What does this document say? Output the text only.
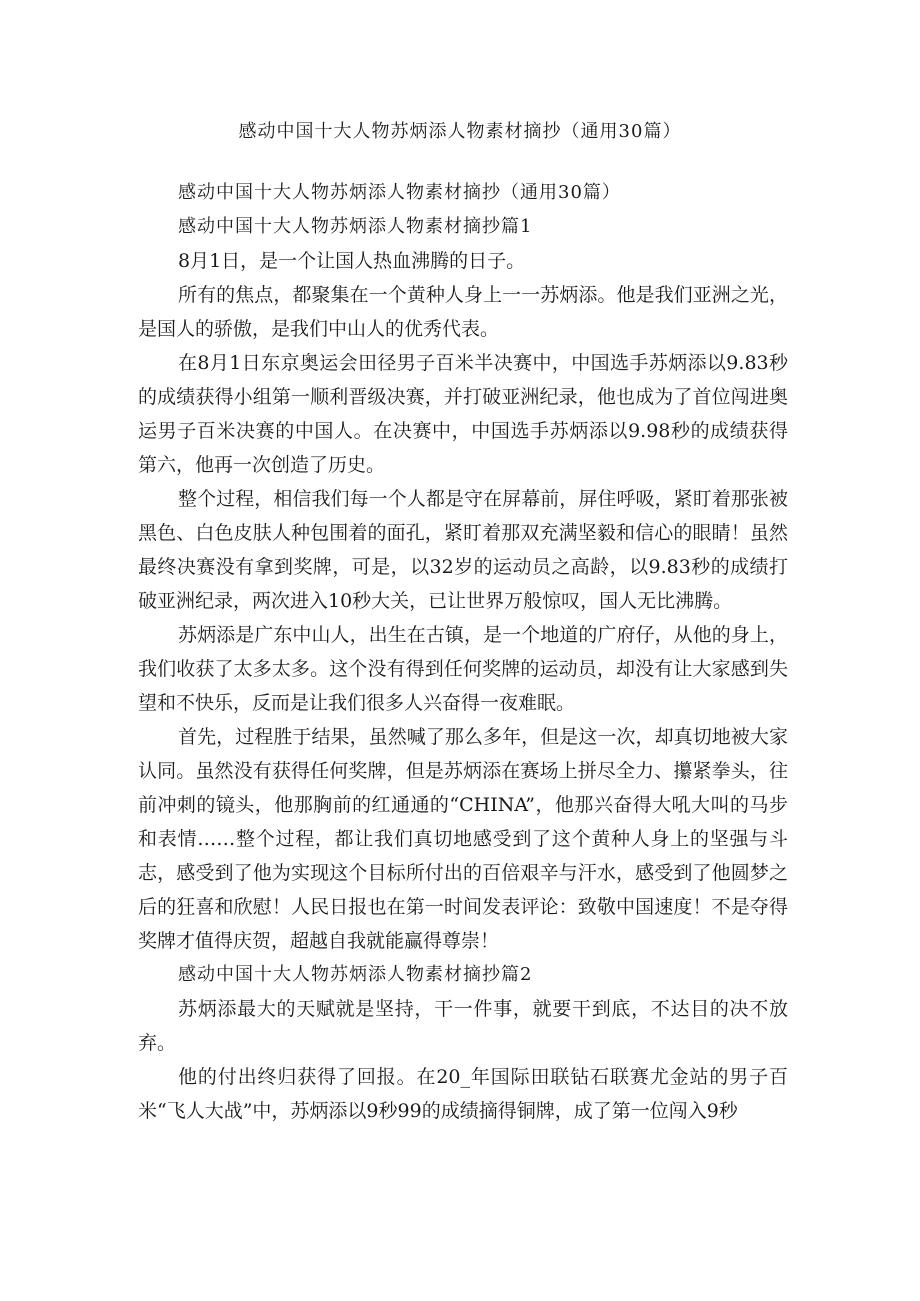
感动中国十大人物苏炳添人物素材摘抄（通用30篇）

感动中国十大人物苏炳添人物素材摘抄（通用30篇）

感动中国十大人物苏炳添人物素材摘抄篇1

8月1日，是一个让国人热血沸腾的日子。

所有的焦点，都聚集在一个黄种人身上一一苏炳添。他是我们亚洲之光，是国人的骄傲，是我们中山人的优秀代表。

在8月1日东京奥运会田径男子百米半决赛中，中国选手苏炳添以9.83秒的成绩获得小组第一顺利晋级决赛，并打破亚洲纪录，他也成为了首位闯进奥运男子百米决赛的中国人。在决赛中，中国选手苏炳添以9.98秒的成绩获得第六，他再一次创造了历史。

整个过程，相信我们每一个人都是守在屏幕前，屏住呼吸，紧盯着那张被黑色、白色皮肤人种包围着的面孔，紧盯着那双充满坚毅和信心的眼睛！虽然最终决赛没有拿到奖牌，可是，以32岁的运动员之高龄，以9.83秒的成绩打破亚洲纪录，两次进入10秒大关，已让世界万般惊叹，国人无比沸腾。

苏炳添是广东中山人，出生在古镇，是一个地道的广府仔，从他的身上，我们收获了太多太多。这个没有得到任何奖牌的运动员，却没有让大家感到失望和不快乐，反而是让我们很多人兴奋得一夜难眠。

首先，过程胜于结果，虽然喊了那么多年，但是这一次，却真切地被大家认同。虽然没有获得任何奖牌，但是苏炳添在赛场上拼尽全力、攥紧拳头，往前冲刺的镜头，他那胸前的红通通的“CHINA”，他那兴奋得大吼大叫的马步和表情……整个过程，都让我们真切地感受到了这个黄种人身上的坚强与斗志，感受到了他为实现这个目标所付出的百倍艰辛与汗水，感受到了他圆梦之后的狂喜和欣慰！人民日报也在第一时间发表评论：致敬中国速度！不是夺得奖牌才值得庆贺，超越自我就能赢得尊崇！

感动中国十大人物苏炳添人物素材摘抄篇2

苏炳添最大的天赋就是坚持，干一件事，就要干到底，不达目的决不放弃。

他的付出终归获得了回报。在20_年国际田联钻石联赛尤金站的男子百米“飞人大战”中，苏炳添以9秒99的成绩摘得铜牌，成了第一位闯入9秒
